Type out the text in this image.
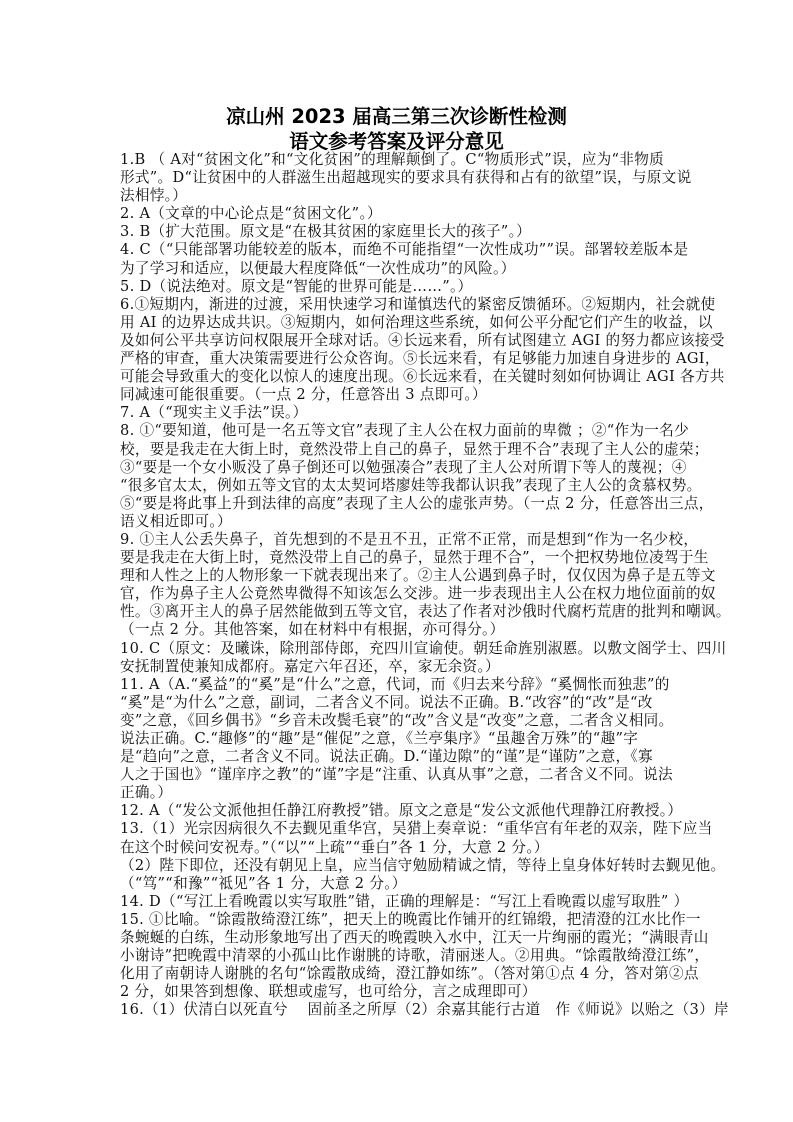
凉山州 2023 届高三第三次诊断性检测
语文参考答案及评分意见
1.B （ A对“贫困文化”和“文化贫困”的理解颠倒了。C“物质形式”误，应为“非物质
形式”。D“让贫困中的人群滋生出超越现实的要求具有获得和占有的欲望”误，与原文说
法相悖。）
2. A（文章的中心论点是“贫困文化”。）
3. B（扩大范围。原文是“在极其贫困的家庭里长大的孩子”。）
4. C（“只能部署功能较差的版本，而绝不可能指望“一次性成功””误。部署较差版本是
为了学习和适应，以便最大程度降低“一次性成功”的风险。）
5. D（说法绝对。原文是“智能的世界可能是……”。）
6.①短期内，渐进的过渡，采用快速学习和谨慎迭代的紧密反馈循环。②短期内，社会就使
用 AI 的边界达成共识。③短期内，如何治理这些系统，如何公平分配它们产生的收益，以
及如何公平共享访问权限展开全球对话。④长远来看，所有试图建立 AGI 的努力都应该接受
严格的审查，重大决策需要进行公众咨询。⑤长远来看，有足够能力加速自身进步的 AGI，
可能会导致重大的变化以惊人的速度出现。⑥长远来看，在关键时刻如何协调让 AGI 各方共
同减速可能很重要。（一点 2 分，任意答出 3 点即可。）
7. A（“现实主义手法”误。）
8. ①“要知道，他可是一名五等文官”表现了主人公在权力面前的卑微 ；②“作为一名少
校，要是我走在大街上时，竟然没带上自己的鼻子，显然于理不合”表现了主人公的虚荣；
③“要是一个女小贩没了鼻子倒还可以勉强凑合”表现了主人公对所谓下等人的蔑视；④
“很多官太太，例如五等文官的太太契诃塔廖娃等我都认识我”表现了主人公的贪慕权势。
⑤“要是将此事上升到法律的高度”表现了主人公的虚张声势。（一点 2 分，任意答出三点，
语义相近即可。）
9. ①主人公丢失鼻子，首先想到的不是丑不丑，正常不正常，而是想到“作为一名少校，
要是我走在大街上时，竟然没带上自己的鼻子，显然于理不合”，一个把权势地位凌驾于生
理和人性之上的人物形象一下就表现出来了。②主人公遇到鼻子时，仅仅因为鼻子是五等文
官，作为鼻子主人公竟然卑微得不知该怎么交涉。进一步表现出主人公在权力地位面前的奴
性。③离开主人的鼻子居然能做到五等文官，表达了作者对沙俄时代腐朽荒唐的批判和嘲讽。
（一点 2 分。其他答案，如在材料中有根据，亦可得分。）
10. C（原文：及曦诛，除刑部侍郎，充四川宣谕使。朝廷命旌别淑慝。以敷文阁学士、四川
安抚制置使兼知成都府。嘉定六年召还，卒，家无余资。）
11. A（A.“奚益”的“奚”是“什么”之意，代词，而《归去来兮辞》“奚惆怅而独悲”的
“奚”是“为什么”之意，副词，二者含义不同。说法不正确。B.“改容”的“改”是“改
变”之意，《回乡偶书》“乡音未改鬓毛衰”的“改”含义是“改变”之意，二者含义相同。
说法正确。C.“趣修”的“趣”是“催促”之意，《兰亭集序》“虽趣舍万殊”的“趣”字
是“趋向”之意，二者含义不同。说法正确。D.“谨边隙”的“谨”是“谨防”之意，《寡
人之于国也》“谨庠序之教”的“谨”字是“注重、认真从事”之意，二者含义不同。说法
正确。）
12. A（“发公文派他担任静江府教授”错。原文之意是“发公文派他代理静江府教授。）
13.（1）光宗因病很久不去觐见重华宫，吴猎上奏章说：“重华宫有年老的双亲，陛下应当
在这个时候问安祝寿。”（“以”“上疏”“垂白”各 1 分，大意 2 分。）
（2）陛下即位，还没有朝见上皇，应当信守勉励精诚之情，等待上皇身体好转时去觐见他。
（“笃”“和豫”“祗见”各 1 分，大意 2 分。）
14. D（“写江上看晚霞以实写取胜”错，正确的理解是：“写江上看晚霞以虚写取胜” ）
15. ①比喻。“馀霞散绮澄江练”，把天上的晚霞比作铺开的红锦缎，把清澄的江水比作一
条蜿蜒的白练，生动形象地写出了西天的晚霞映入水中，江天一片绚丽的霞光；“满眼青山
小谢诗”把晚霞中清翠的小孤山比作谢朓的诗歌，清丽迷人。②用典。“馀霞散绮澄江练”，
化用了南朝诗人谢朓的名句“馀霞散成绮，澄江静如练”。（答对第①点 4 分，答对第②点
2 分，如果答到想像、联想或虚写，也可给分，言之成理即可）
16.（1）伏清白以死直兮　 固前圣之所厚（2）余嘉其能行古道　作《师说》以贻之（3）岸
